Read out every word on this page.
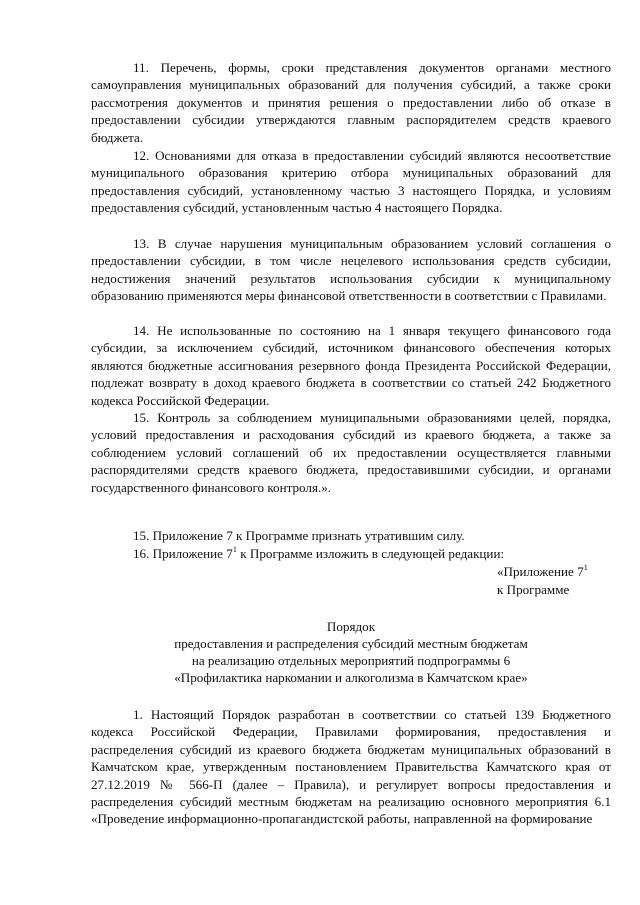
11. Перечень, формы, сроки представления документов органами местного самоуправления муниципальных образований для получения субсидий, а также сроки рассмотрения документов и принятия решения о предоставлении либо об отказе в предоставлении субсидии утверждаются главным распорядителем средств краевого бюджета.

12. Основаниями для отказа в предоставлении субсидий являются несоответствие муниципального образования критерию отбора муниципальных образований для предоставления субсидий, установленному частью 3 настоящего Порядка, и условиям предоставления субсидий, установленным частью 4 настоящего Порядка.

13. В случае нарушения муниципальным образованием условий соглашения о предоставлении субсидии, в том числе нецелевого использования средств субсидии, недостижения значений результатов использования субсидии к муниципальному образованию применяются меры финансовой ответственности в соответствии с Правилами.

14. Не использованные по состоянию на 1 января текущего финансового года субсидии, за исключением субсидий, источником финансового обеспечения которых являются бюджетные ассигнования резервного фонда Президента Российской Федерации, подлежат возврату в доход краевого бюджета в соответствии со статьей 242 Бюджетного кодекса Российской Федерации.

15. Контроль за соблюдением муниципальными образованиями целей, порядка, условий предоставления и расходования субсидий из краевого бюджета, а также за соблюдением условий соглашений об их предоставлении осуществляется главными распорядителями средств краевого бюджета, предоставившими субсидии, и органами государственного финансового контроля.».

15. Приложение 7 к Программе признать утратившим силу.

16. Приложение $7^1$ к Программе изложить в следующей редакции:

«Приложение $7^1$

к Программе

Порядок

предоставления и распределения субсидий местным бюджетам

на реализацию отдельных мероприятий подпрограммы 6

«Профилактика наркомании и алкоголизма в Камчатском крае»

1. Настоящий Порядок разработан в соответствии со статьей 139 Бюджетного кодекса Российской Федерации, Правилами формирования, предоставления и распределения субсидий из краевого бюджета бюджетам муниципальных образований в Камчатском крае, утвержденным постановлением Правительства Камчатского края от 27.12.2019 № 566-П (далее – Правила), и регулирует вопросы предоставления и распределения субсидий местным бюджетам на реализацию основного мероприятия 6.1 «Проведение информационно-пропагандистской работы, направленной на формирование
